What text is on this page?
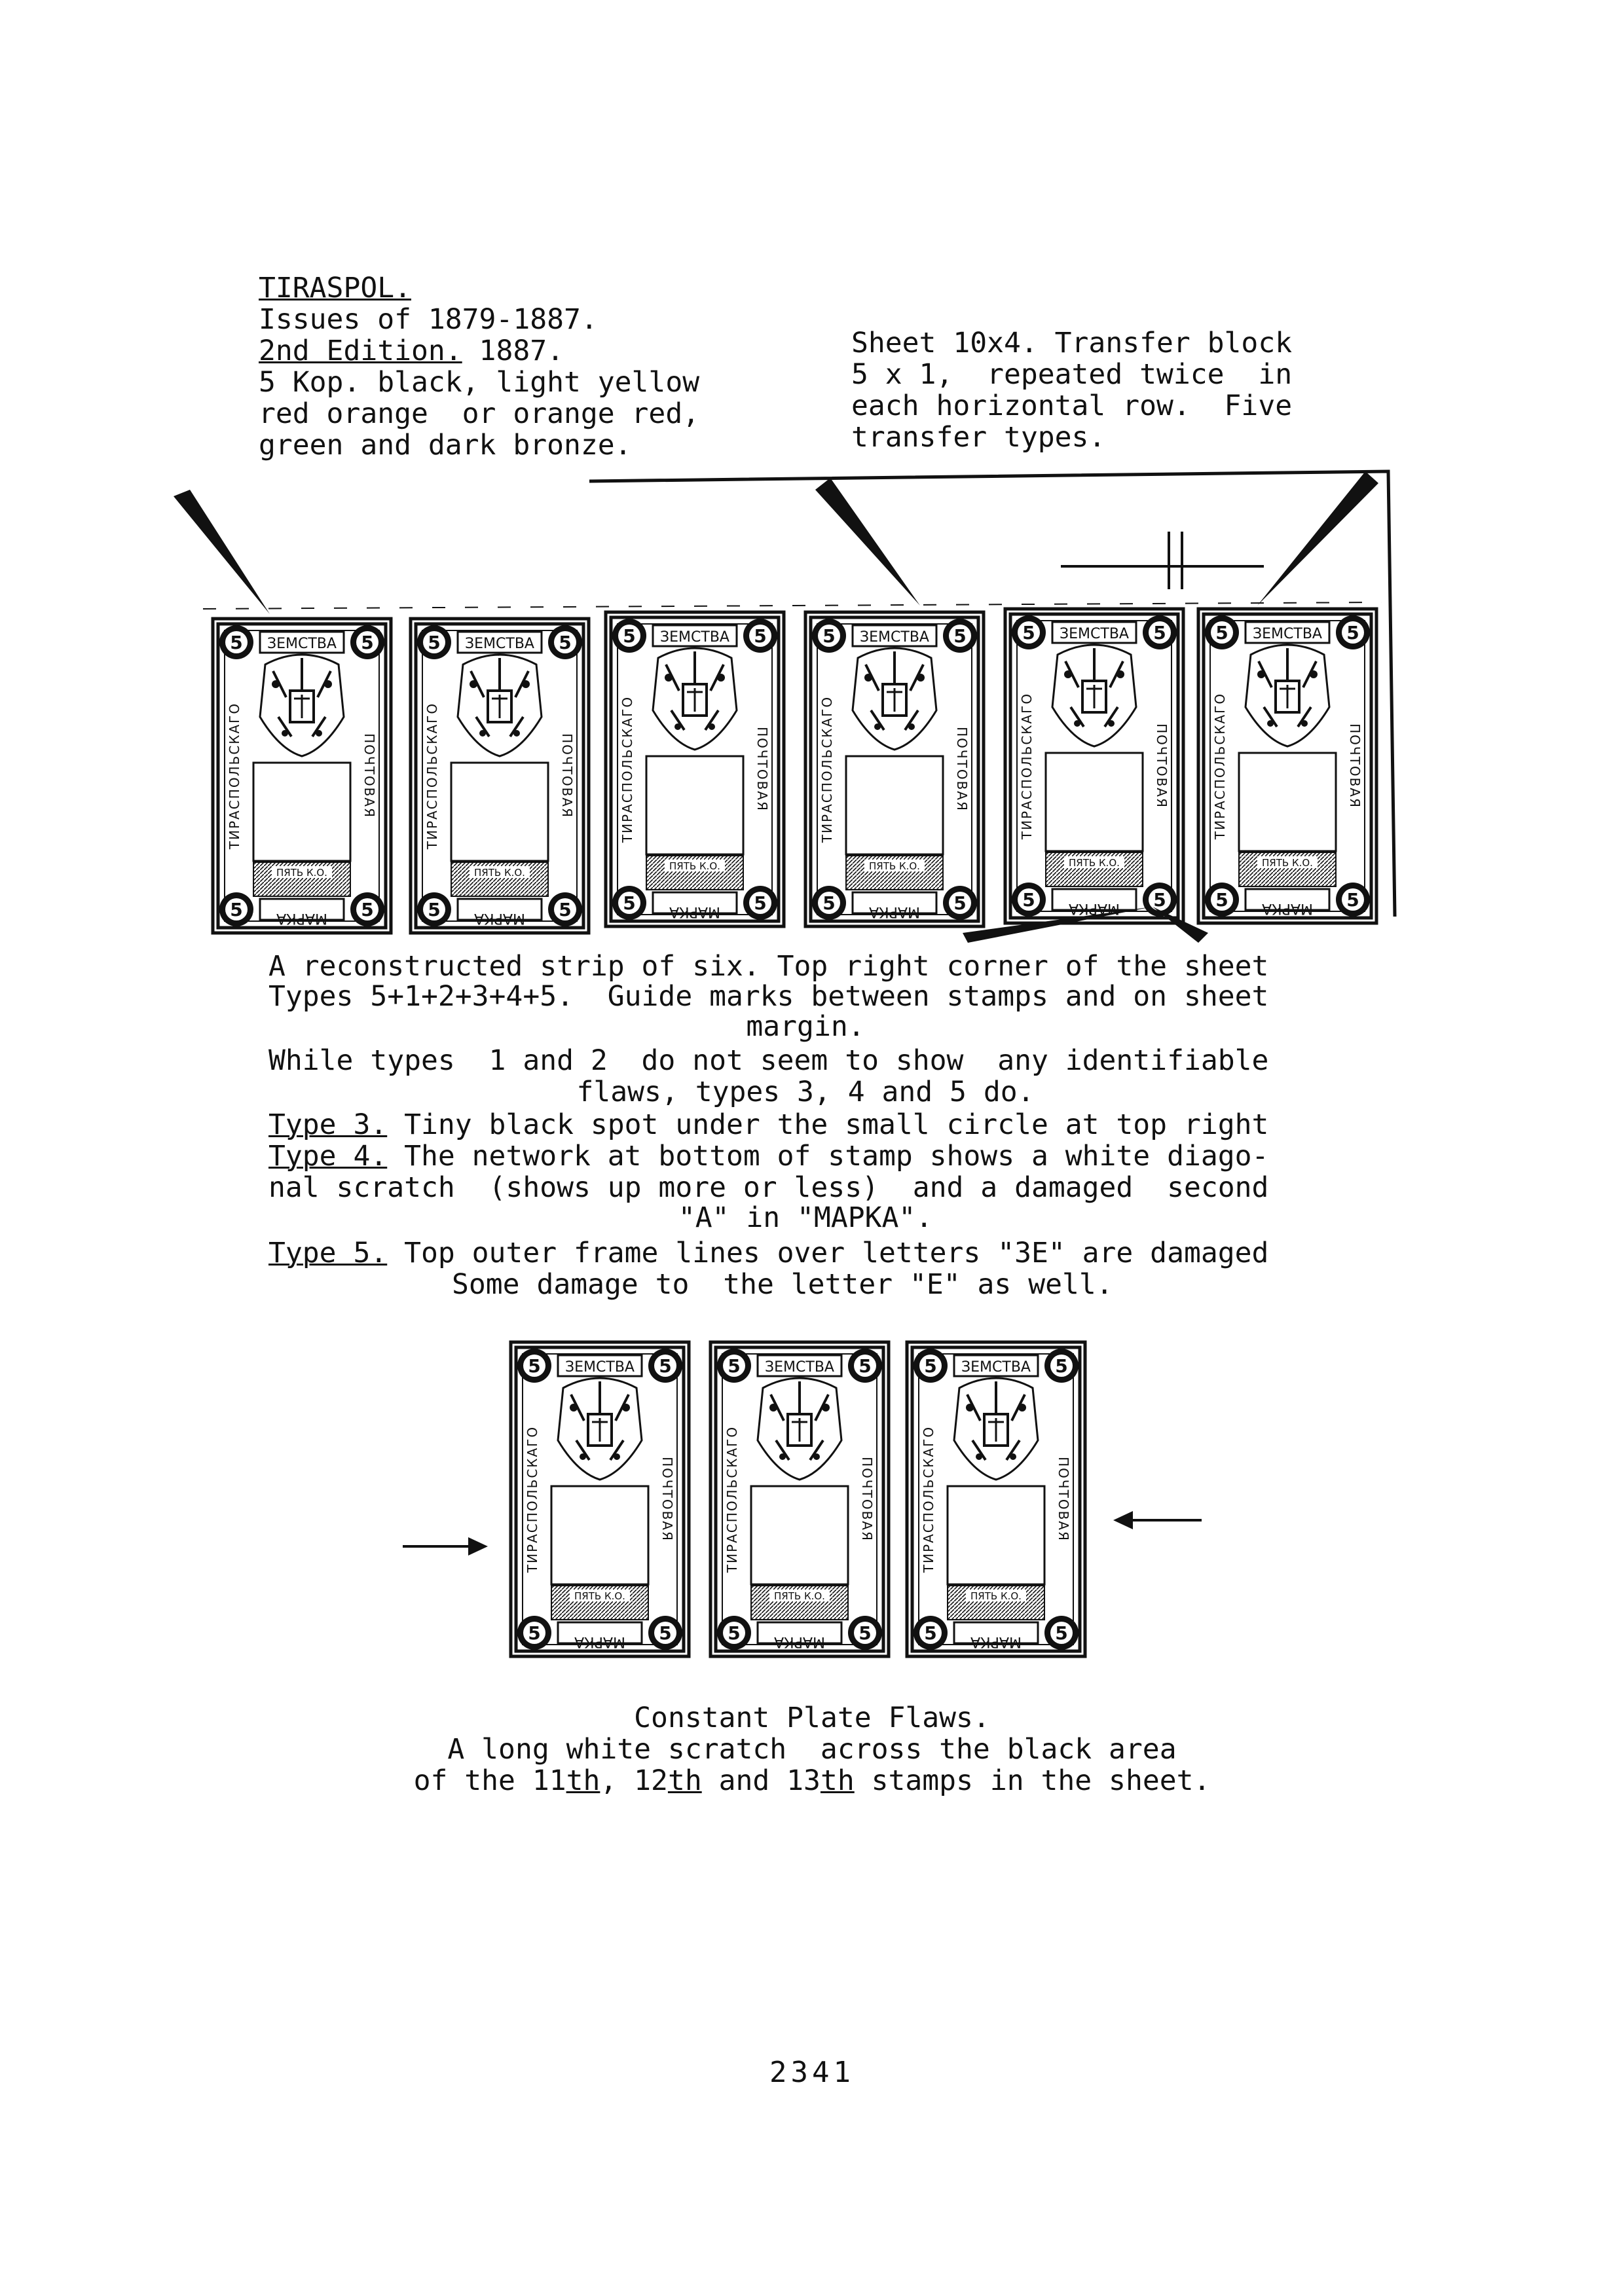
TIRASPOL.
Issues of 1879-1887.
2nd Edition. 1887.
5 Kop. black, light yellow
red orange  or orange red,
green and dark bronze.
Sheet 10x4. Transfer block
5 x 1,  repeated twice  in
each horizontal row.  Five
transfer types.
5	5
5	5
ЗЕМСТВА
МАРКА
ТИРАСПОЛЬСКАГО	ПОЧТОВАЯ
ПЯТЬ К.О.
A reconstructed strip of six. Top right corner of the sheet
Types 5+1+2+3+4+5.  Guide marks between stamps and on sheet
margin.
While types  1 and 2  do not seem to show  any identifiable
flaws, types 3, 4 and 5 do.
Type 3. Tiny black spot under the small circle at top right
Type 4. The network at bottom of stamp shows a white diago-
nal scratch  (shows up more or less)  and a damaged  second
"A" in "MAPKA".
Type 5. Top outer frame lines over letters "3E" are damaged
Some damage to  the letter "E" as well.
Constant Plate Flaws.
A long white scratch  across the black area
of the 11th, 12th and 13th stamps in the sheet.
2341
